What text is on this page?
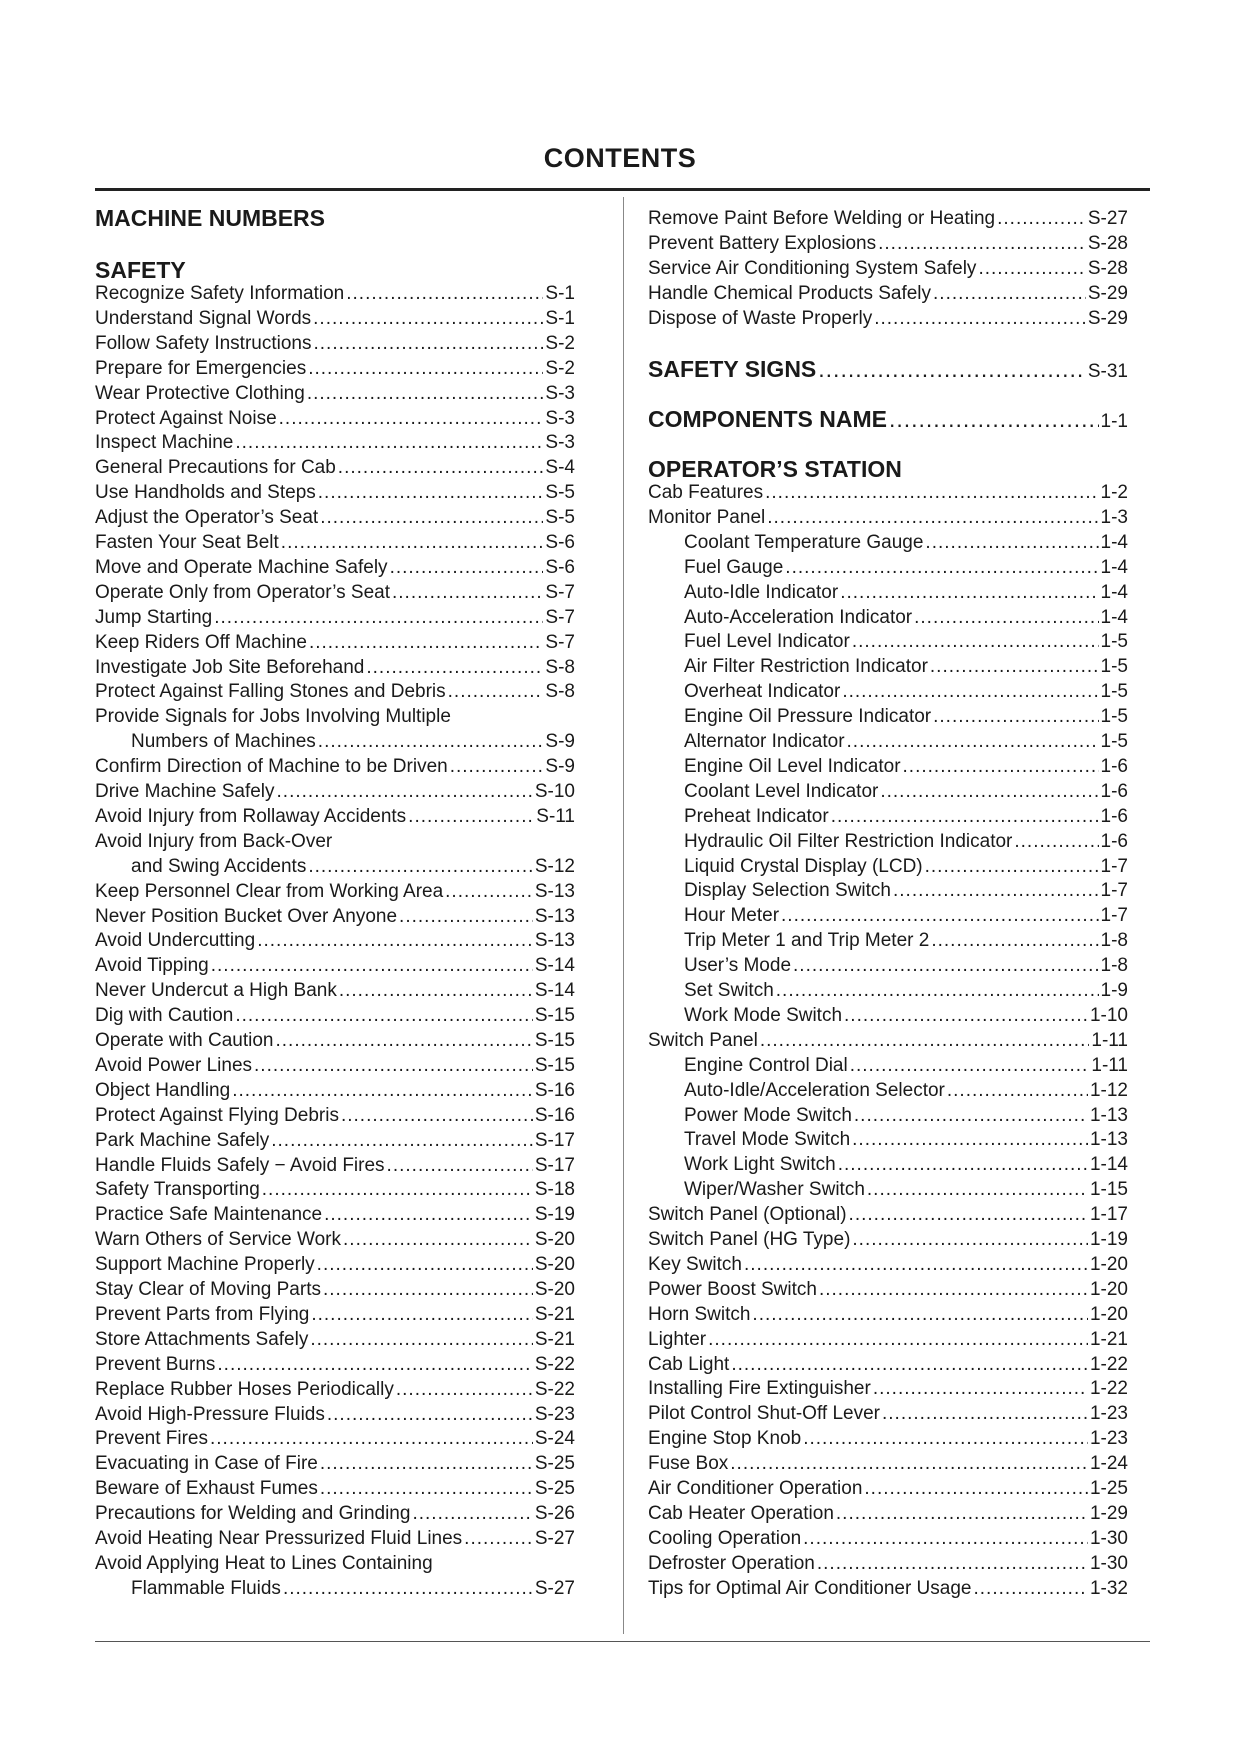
CONTENTS
MACHINE NUMBERS
SAFETY
Recognize Safety Information .....	S-1
Understand Signal Words .....	S-1
Follow Safety Instructions .....	S-2
Prepare for Emergencies .....	S-2
Wear Protective Clothing .....	S-3
Protect Against Noise .....	S-3
Inspect Machine .....	S-3
General Precautions for Cab .....	S-4
Use Handholds and Steps .....	S-5
Adjust the Operator’s Seat .....	S-5
Fasten Your Seat Belt .....	S-6
Move and Operate Machine Safely .....	S-6
Operate Only from Operator’s Seat .....	S-7
Jump Starting .....	S-7
Keep Riders Off Machine .....	S-7
Investigate Job Site Beforehand .....	S-8
Protect Against Falling Stones and Debris .....	S-8
Provide Signals for Jobs Involving Multiple
Numbers of Machines .....	S-9
Confirm Direction of Machine to be Driven .....	S-9
Drive Machine Safely .....	S-10
Avoid Injury from Rollaway Accidents .....	S-11
Avoid Injury from Back-Over
and Swing Accidents .....	S-12
Keep Personnel Clear from Working Area .....	S-13
Never Position Bucket Over Anyone .....	S-13
Avoid Undercutting .....	S-13
Avoid Tipping .....	S-14
Never Undercut a High Bank .....	S-14
Dig with Caution .....	S-15
Operate with Caution .....	S-15
Avoid Power Lines .....	S-15
Object Handling .....	S-16
Protect Against Flying Debris .....	S-16
Park Machine Safely .....	S-17
Handle Fluids Safely − Avoid Fires .....	S-17
Safety Transporting .....	S-18
Practice Safe Maintenance .....	S-19
Warn Others of Service Work .....	S-20
Support Machine Properly .....	S-20
Stay Clear of Moving Parts .....	S-20
Prevent Parts from Flying .....	S-21
Store Attachments Safely .....	S-21
Prevent Burns .....	S-22
Replace Rubber Hoses Periodically .....	S-22
Avoid High-Pressure Fluids .....	S-23
Prevent Fires .....	S-24
Evacuating in Case of Fire .....	S-25
Beware of Exhaust Fumes .....	S-25
Precautions for Welding and Grinding .....	S-26
Avoid Heating Near Pressurized Fluid Lines .....	S-27
Avoid Applying Heat to Lines Containing
Flammable Fluids .....	S-27
SAFETY SIGNS .....	S-31
COMPONENTS NAME .....	1-1
OPERATOR’S STATION
Remove Paint Before Welding or Heating .....	S-27
Prevent Battery Explosions .....	S-28
Service Air Conditioning System Safely .....	S-28
Handle Chemical Products Safely .....	S-29
Dispose of Waste Properly .....	S-29
Cab Features .....	1-2
Monitor Panel .....	1-3
Coolant Temperature Gauge .....	1-4
Fuel Gauge .....	1-4
Auto-Idle Indicator .....	1-4
Auto-Acceleration Indicator .....	1-4
Fuel Level Indicator .....	1-5
Air Filter Restriction Indicator .....	1-5
Overheat Indicator .....	1-5
Engine Oil Pressure Indicator .....	1-5
Alternator Indicator .....	1-5
Engine Oil Level Indicator .....	1-6
Coolant Level Indicator .....	1-6
Preheat Indicator .....	1-6
Hydraulic Oil Filter Restriction Indicator .....	1-6
Liquid Crystal Display (LCD) .....	1-7
Display Selection Switch .....	1-7
Hour Meter .....	1-7
Trip Meter 1 and Trip Meter 2 .....	1-8
User’s Mode .....	1-8
Set Switch .....	1-9
Work Mode Switch .....	1-10
Switch Panel .....	1-11
Engine Control Dial .....	1-11
Auto-Idle/Acceleration Selector .....	1-12
Power Mode Switch .....	1-13
Travel Mode Switch .....	1-13
Work Light Switch .....	1-14
Wiper/Washer Switch .....	1-15
Switch Panel (Optional) .....	1-17
Switch Panel (HG Type) .....	1-19
Key Switch .....	1-20
Power Boost Switch .....	1-20
Horn Switch .....	1-20
Lighter .....	1-21
Cab Light .....	1-22
Installing Fire Extinguisher .....	1-22
Pilot Control Shut-Off Lever .....	1-23
Engine Stop Knob .....	1-23
Fuse Box .....	1-24
Air Conditioner Operation .....	1-25
Cab Heater Operation .....	1-29
Cooling Operation .....	1-30
Defroster Operation .....	1-30
Tips for Optimal Air Conditioner Usage .....	1-32
